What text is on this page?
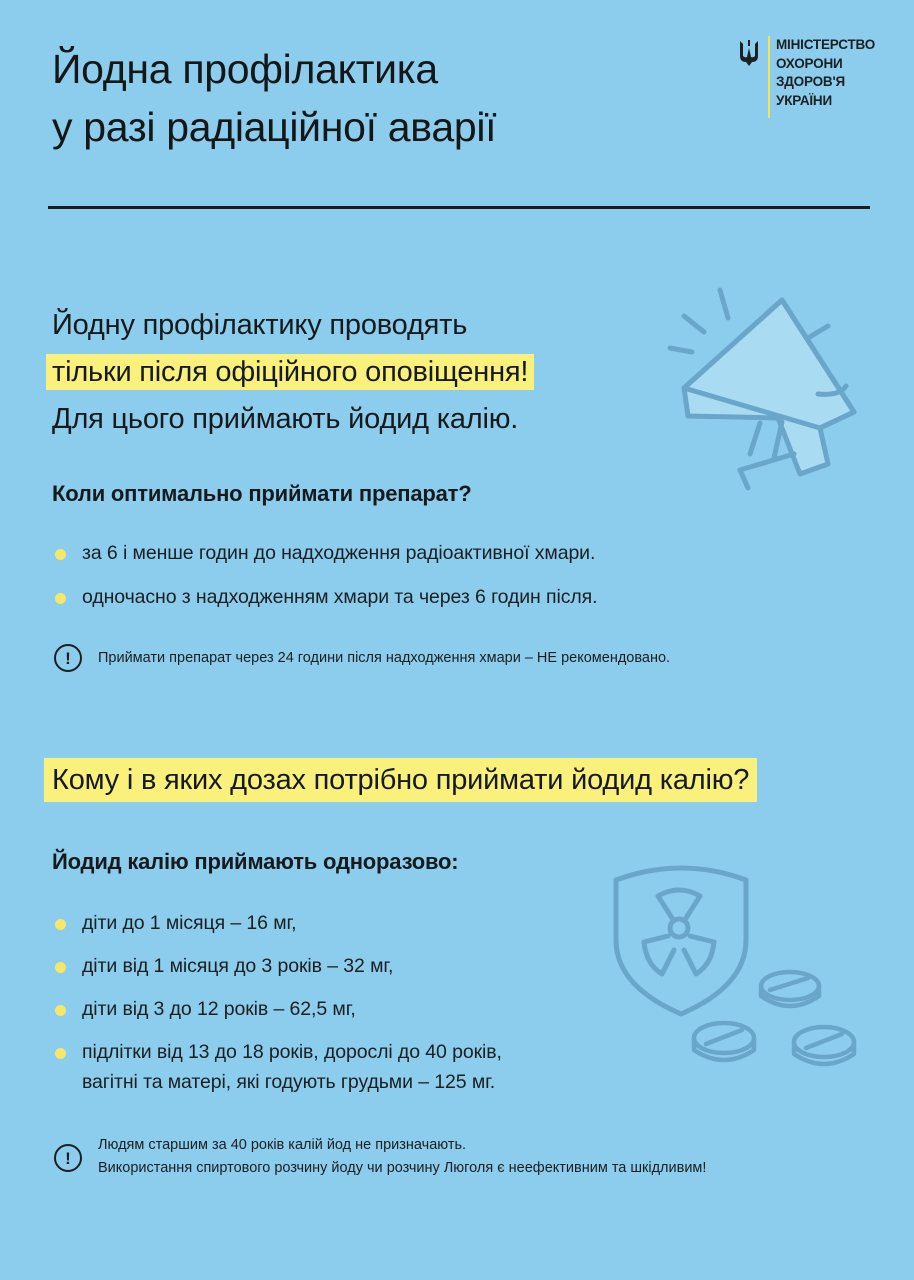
Йодна профілактика
у разі радіаційної аварії
МІНІСТЕРСТВО
ОХОРОНИ
ЗДОРОВ'Я
УКРАЇНИ
Йодну профілактику проводять
тільки після офіційного оповіщення!
Для цього приймають йодид калію.
Коли оптимально приймати препарат?
за 6 і менше годин до надходження радіоактивної хмари.
одночасно з надходженням хмари та через 6 годин після.
!	Приймати препарат через 24 години після надходження хмари – НЕ рекомендовано.
Кому і в яких дозах потрібно приймати йодид калію?
Йодид калію приймають одноразово:
діти до 1 місяця – 16 мг,
діти від 1 місяця до 3 років – 32 мг,
діти від 3 до 12 років – 62,5 мг,
підлітки від 13 до 18 років, дорослі до 40 років,
вагітні та матері, які годують грудьми – 125 мг.
!
Людям старшим за 40 років калій йод не призначають.
Використання спиртового розчину йоду чи розчину Люголя є неефективним та шкідливим!
